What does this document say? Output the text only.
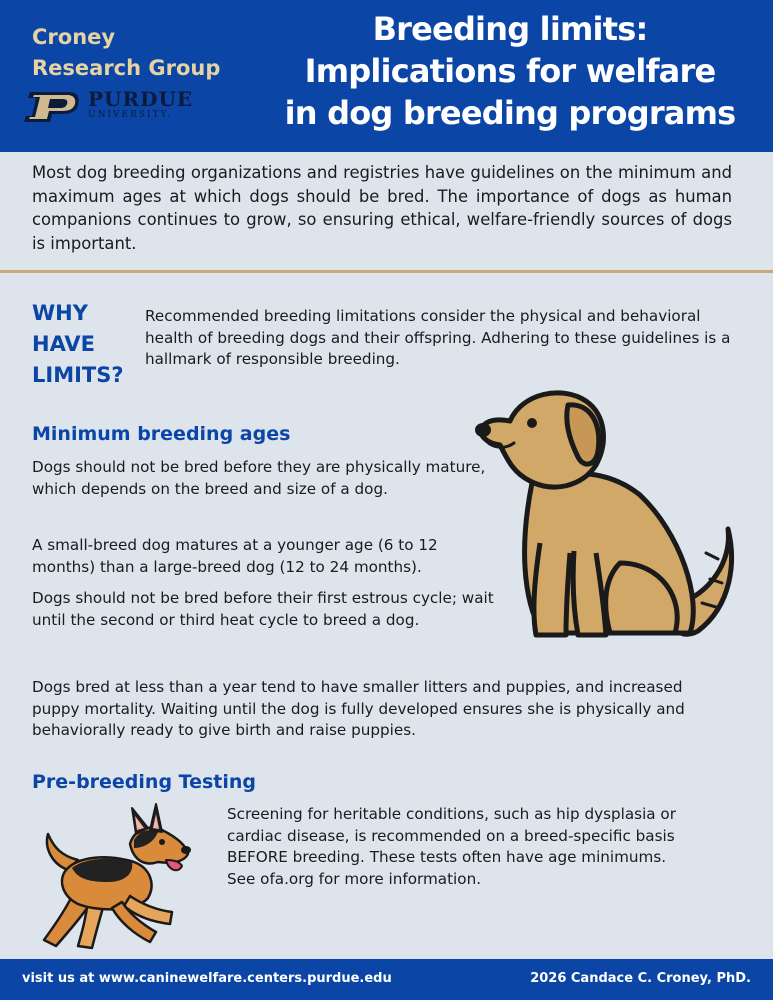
Croney
Research Group
PURDUE
UNIVERSITY.
Breeding limits:
Implications for welfare
in dog breeding programs
Most dog breeding organizations and registries have guidelines on the minimum and maximum ages at which dogs should be bred. The importance of dogs as human companions continues to grow, so ensuring ethical, welfare-friendly sources of dogs is important.
WHY
HAVE
LIMITS?
Recommended breeding limitations consider the physical and behavioral health of breeding dogs and their offspring. Adhering to these guidelines is a hallmark of responsible breeding.
Minimum breeding ages
Dogs should not be bred before they are physically mature, which depends on the breed and size of a dog.
A small-breed dog matures at a younger age (6 to 12 months) than a large-breed dog (12 to 24 months).
Dogs should not be bred before their first estrous cycle; wait until the second or third heat cycle to breed a dog.
Dogs bred at less than a year tend to have smaller litters and puppies, and increased puppy mortality. Waiting until the dog is fully developed ensures she is physically and behaviorally ready to give birth and raise puppies.
Pre-breeding Testing
Screening for heritable conditions, such as hip dysplasia or cardiac disease, is recommended on a breed-specific basis BEFORE breeding. These tests often have age minimums. See ofa.org for more information.
visit us at www.caninewelfare.centers.purdue.edu	2026 Candace C. Croney, PhD.
